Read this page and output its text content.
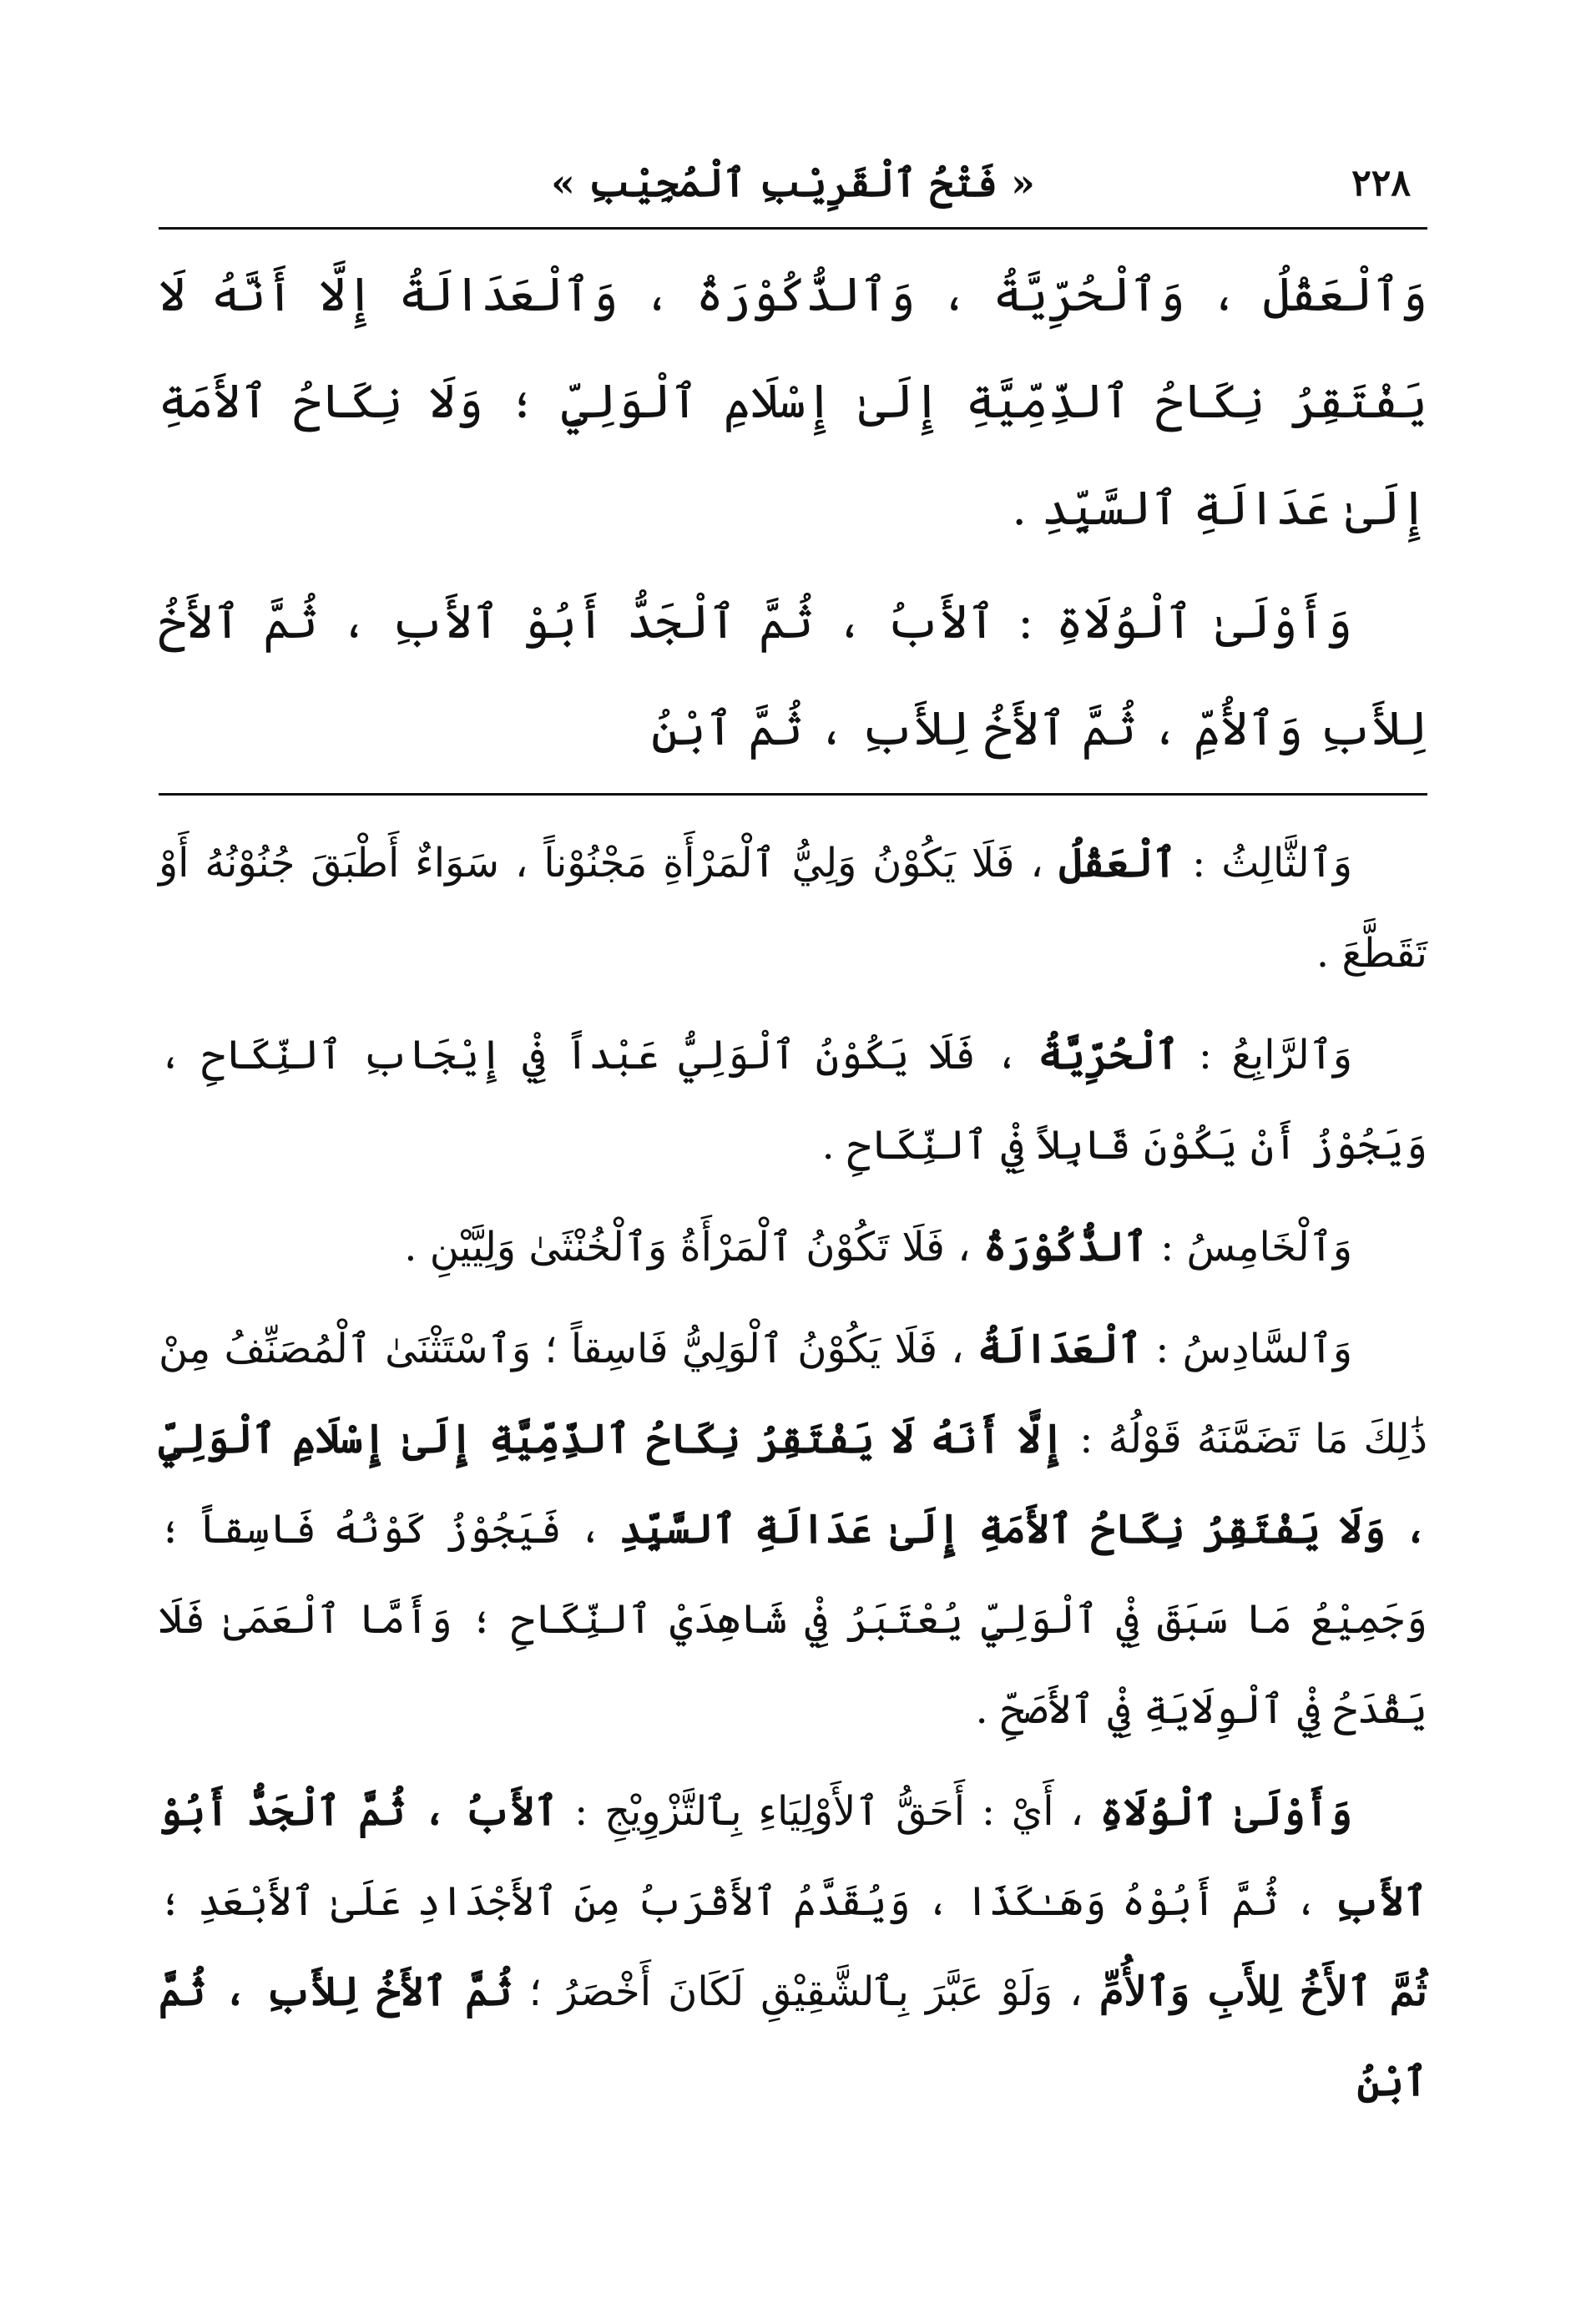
٢٢٨
« فَتْحُ ٱلْقَرِيْبِ ٱلْمُجِيْبِ »

وَٱلْعَقْلُ ، وَٱلْحُرِّيَّةُ ، وَٱلذُّكُوْرَةُ ، وَٱلْعَدَالَةُ إِلَّا أَنَّهُ لَا يَفْتَقِرُ نِكَاحُ ٱلذِّمِّيَّةِ إِلَىٰ إِسْلَامِ ٱلْوَلِيِّ ؛ وَلَا نِكَاحُ ٱلأَمَةِ إِلَىٰ عَدَالَةِ ٱلسَّيِّدِ .

وَأَوْلَىٰ ٱلْوُلَاةِ : ٱلأَبُ ، ثُمَّ ٱلْجَدُّ أَبُوْ ٱلأَبِ ، ثُمَّ ٱلأَخُ لِلأَبِ وَٱلأُمِّ ، ثُمَّ ٱلأَخُ لِلأَبِ ، ثُمَّ ٱبْنُ

وَٱلثَّالِثُ : ٱلْعَقْلُ ، فَلَا يَكُوْنُ وَلِيُّ ٱلْمَرْأَةِ مَجْنُوْناً ، سَوَاءٌ أَطْبَقَ جُنُوْنُهُ أَوْ تَقَطَّعَ .

وَٱلرَّابِعُ : ٱلْحُرِّيَّةُ ، فَلَا يَكُوْنُ ٱلْوَلِيُّ عَبْداً فِيْ إِيْجَابِ ٱلنِّكَاحِ ، وَيَجُوْزُ أَنْ يَكُوْنَ قَابِلاً فِيْ ٱلنِّكَاحِ .

وَٱلْخَامِسُ : ٱلذُّكُوْرَةُ ، فَلَا تَكُوْنُ ٱلْمَرْأَةُ وَٱلْخُنْثَىٰ وَلِيَّيْنِ .

وَٱلسَّادِسُ : ٱلْعَدَالَةُ ، فَلَا يَكُوْنُ ٱلْوَلِيُّ فَاسِقاً ؛ وَٱسْتَثْنَىٰ ٱلْمُصَنِّفُ مِنْ ذَٰلِكَ مَا تَضَمَّنَهُ قَوْلُهُ : إِلَّا أَنَهُ لَا يَفْتَقِرُ نِكَاحُ ٱلذِّمِّيَّةِ إِلَىٰ إِسْلَامِ ٱلْوَلِيِّ ، وَلَا يَفْتَقِرُ نِكَاحُ ٱلأَمَةِ إِلَىٰ عَدَالَةِ ٱلسَّيِّدِ ، فَيَجُوْزُ كَوْنُهُ فَاسِقاً ؛ وَجَمِيْعُ مَا سَبَقَ فِيْ ٱلْوَلِيِّ يُعْتَبَرُ فِيْ شَاهِدَيْ ٱلنِّكَاحِ ؛ وَأَمَّا ٱلْعَمَىٰ فَلَا يَقْدَحُ فِيْ ٱلْوِلَايَةِ فِيْ ٱلأَصَحِّ .

وَأَوْلَىٰ ٱلْوُلَاةِ ، أَيْ : أَحَقُّ ٱلأَوْلِيَاءِ بِٱلتَّزْوِيْجِ : ٱلأَبُ ، ثُمَّ ٱلْجَدُّ أَبُوْ ٱلأَبِ ، ثُمَّ أَبُوْهُ وَهَـٰكَذَا ، وَيُقَدَّمُ ٱلأَقْرَبُ مِنَ ٱلأَجْدَادِ عَلَىٰ ٱلأَبْعَدِ ؛ ثُمَّ ٱلأَخُ لِلأَبِ وَٱلأُمِّ ، وَلَوْ عَبَّرَ بِٱلشَّقِيْقِ لَكَانَ أَخْصَرُ ؛ ثُمَّ ٱلأَخُ لِلأَبِ ، ثُمَّ ٱبْنُ
